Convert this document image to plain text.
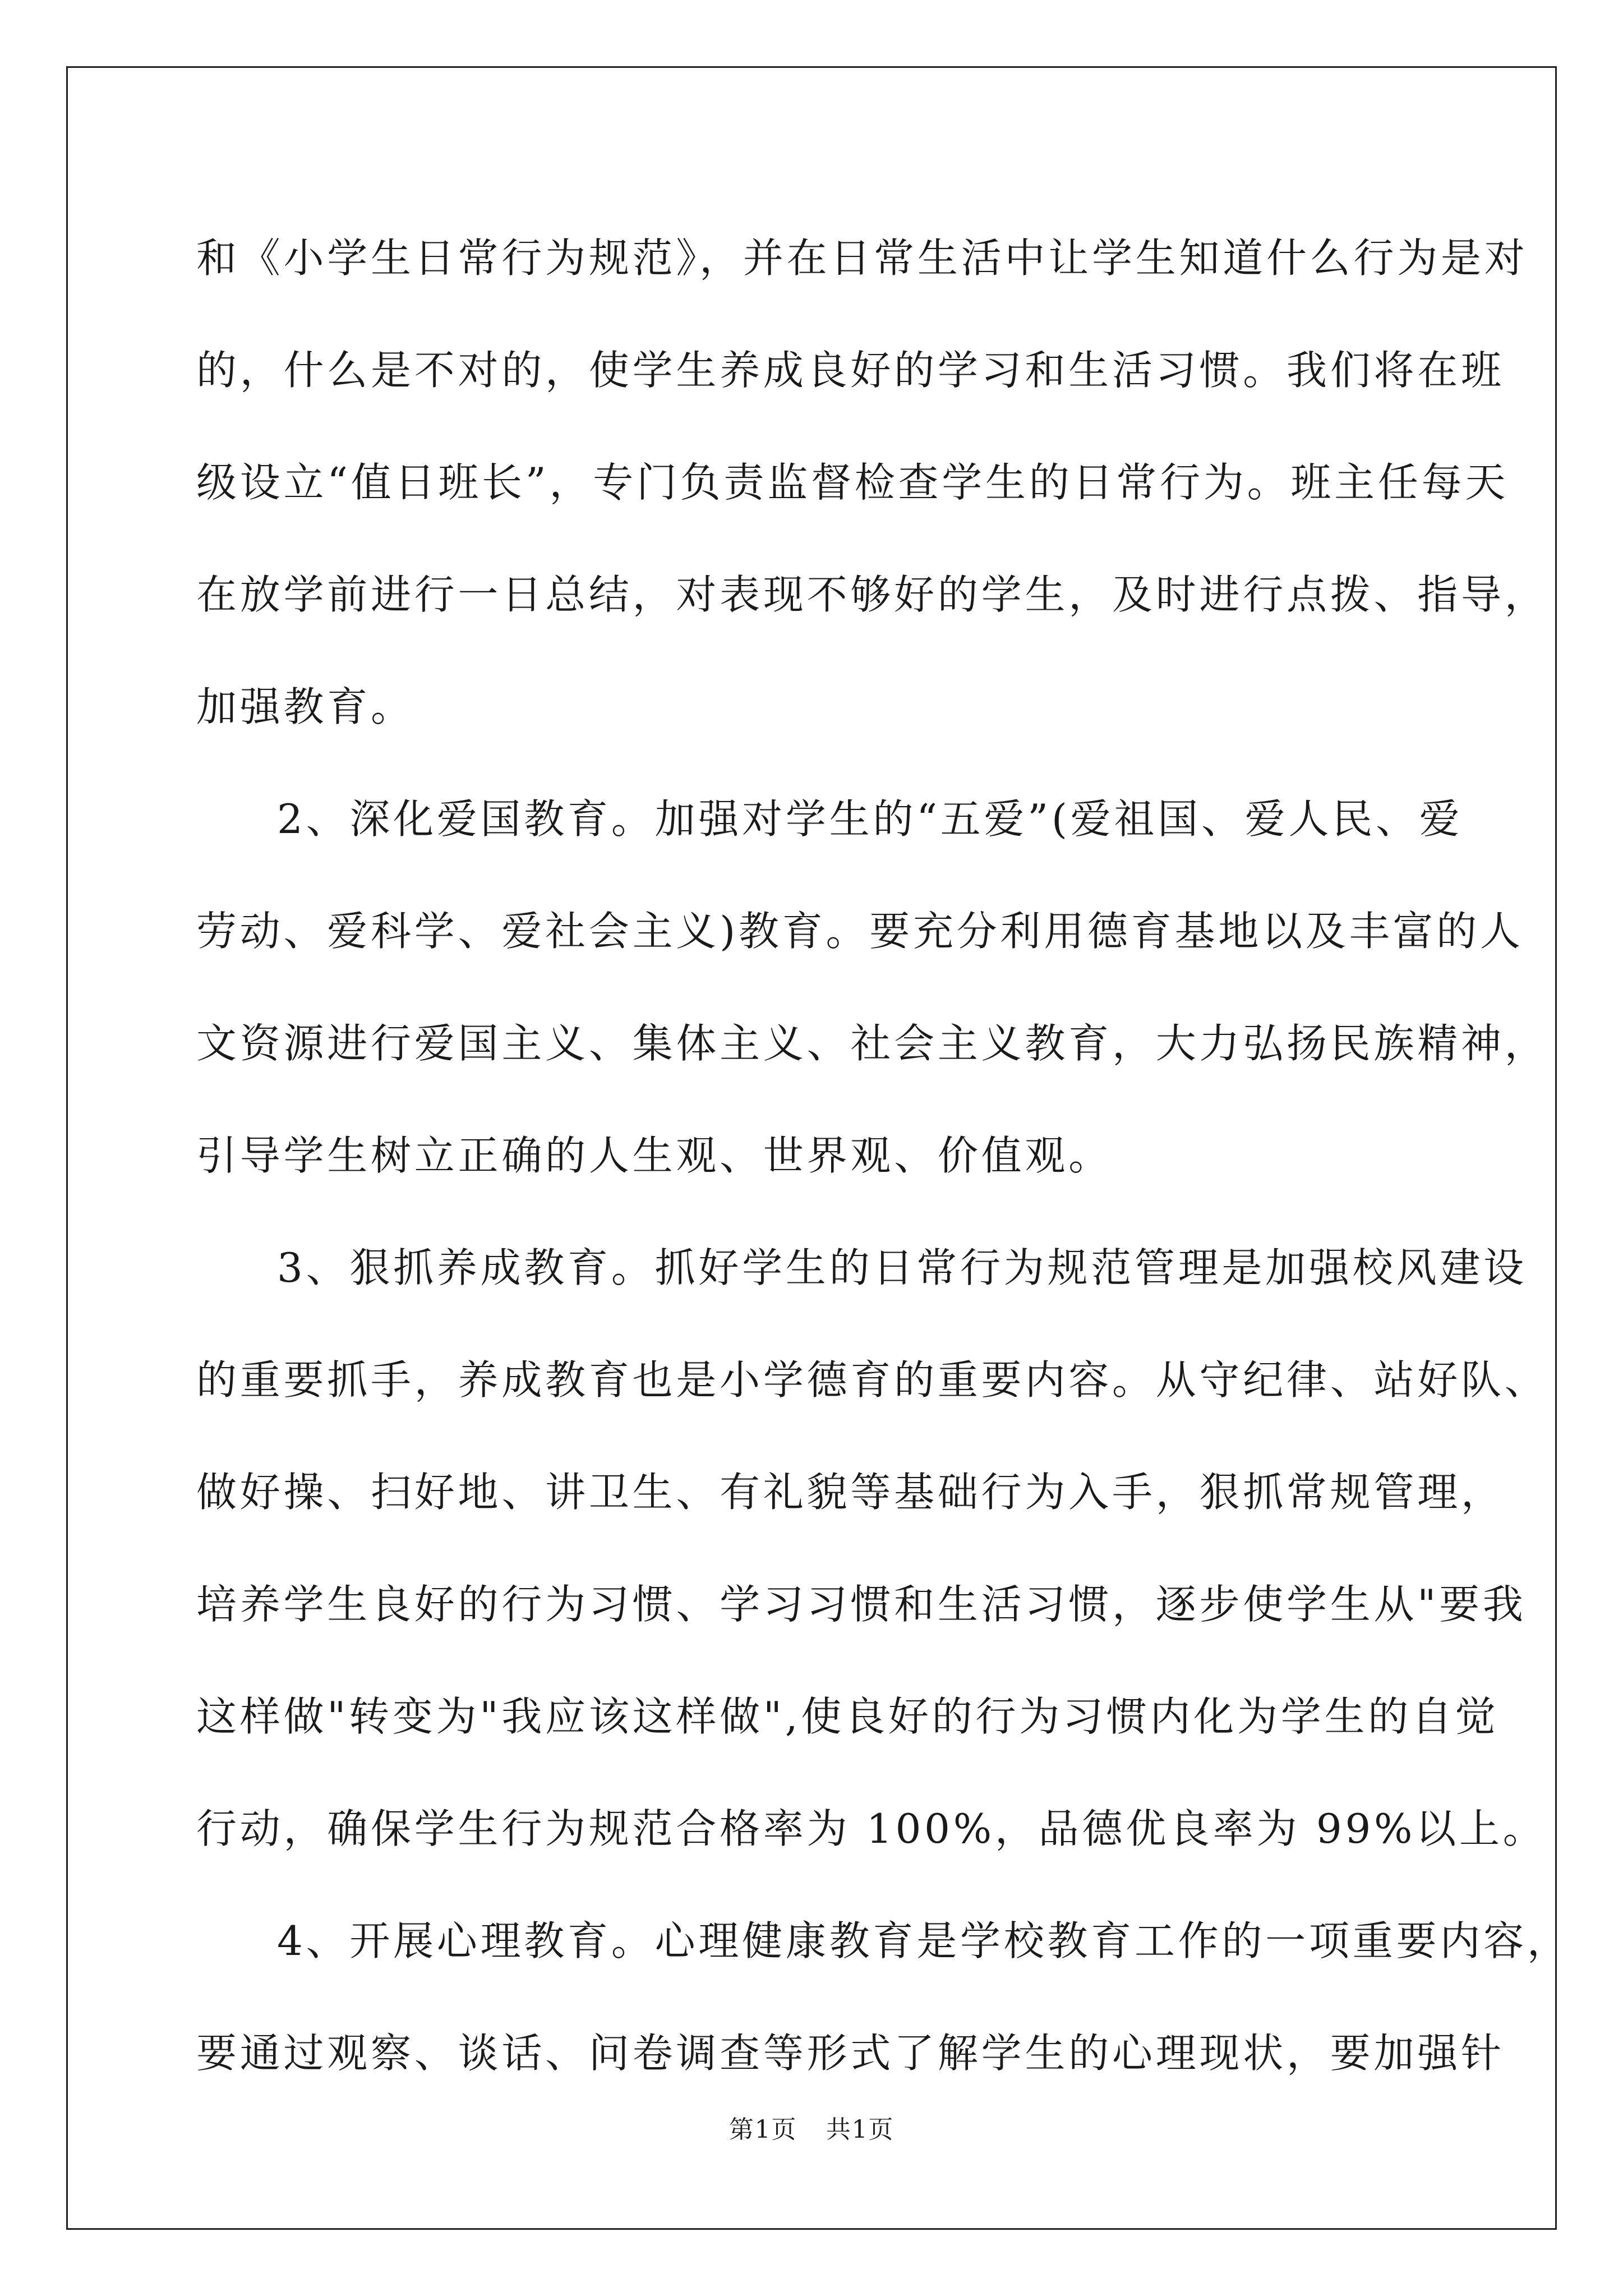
和《小学生日常行为规范》，并在日常生活中让学生知道什么行为是对
的，什么是不对的，使学生养成良好的学习和生活习惯。我们将在班
级设立“值日班长”，专门负责监督检查学生的日常行为。班主任每天
在放学前进行一日总结，对表现不够好的学生，及时进行点拨、指导，
加强教育。
2、深化爱国教育。加强对学生的“五爱”(爱祖国、爱人民、爱
劳动、爱科学、爱社会主义)教育。要充分利用德育基地以及丰富的人
文资源进行爱国主义、集体主义、社会主义教育，大力弘扬民族精神，
引导学生树立正确的人生观、世界观、价值观。
3、狠抓养成教育。抓好学生的日常行为规范管理是加强校风建设
的重要抓手，养成教育也是小学德育的重要内容。从守纪律、站好队、
做好操、扫好地、讲卫生、有礼貌等基础行为入手，狠抓常规管理，
培养学生良好的行为习惯、学习习惯和生活习惯，逐步使学生从"要我
这样做"转变为"我应该这样做",使良好的行为习惯内化为学生的自觉
行动，确保学生行为规范合格率为 100%，品德优良率为 99%以上。
4、开展心理教育。心理健康教育是学校教育工作的一项重要内容，
要通过观察、谈话、问卷调查等形式了解学生的心理现状，要加强针
第1页 共1页
